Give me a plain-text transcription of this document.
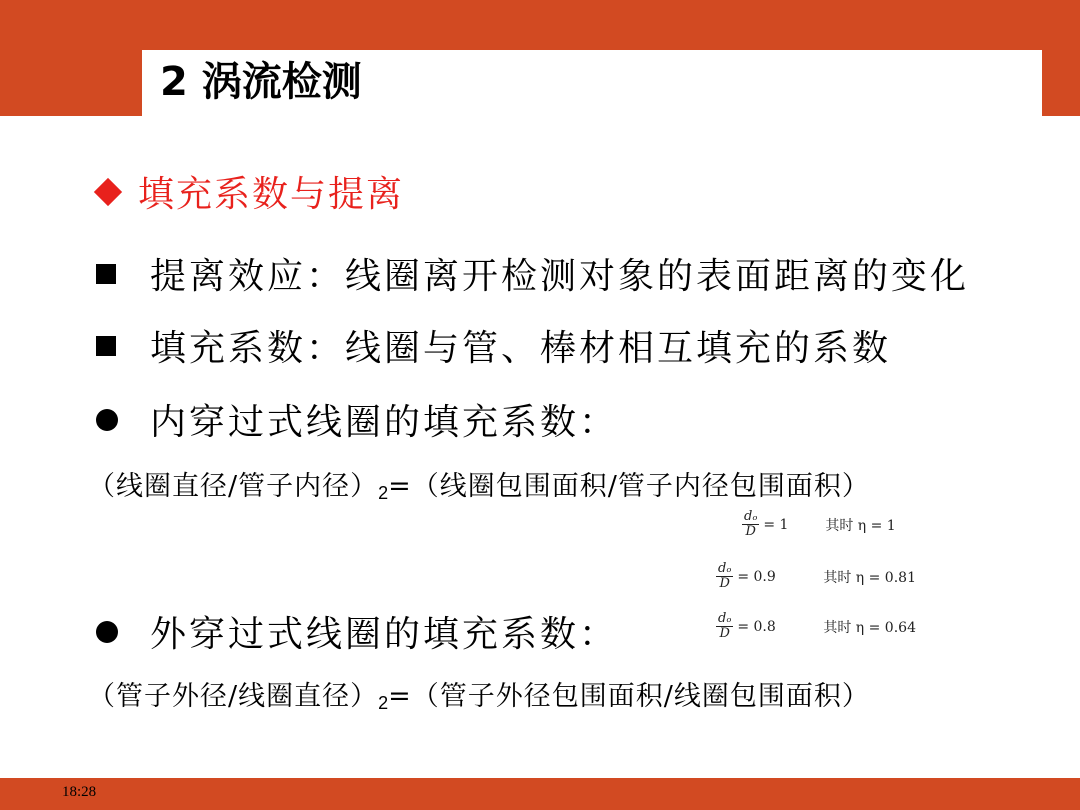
2 涡流检测
填充系数与提离
提离效应：线圈离开检测对象的表面距离的变化
填充系数：线圈与管、棒材相互填充的系数
内穿过式线圈的填充系数：
（线圈直径/管子内径）$_2=$（线圈包围面积/管子内径包围面积）
$\frac{\text{dₒ}}{D} = 1$	其时 η = 1
$\frac{\text{dₒ}}{D} = 0.9$	其时 η = 0.81
$\frac{\text{dₒ}}{D} = 0.8$	其时 η = 0.64
外穿过式线圈的填充系数：
（管子外径/线圈直径）$_2=$（管子外径包围面积/线圈包围面积）
18:28
